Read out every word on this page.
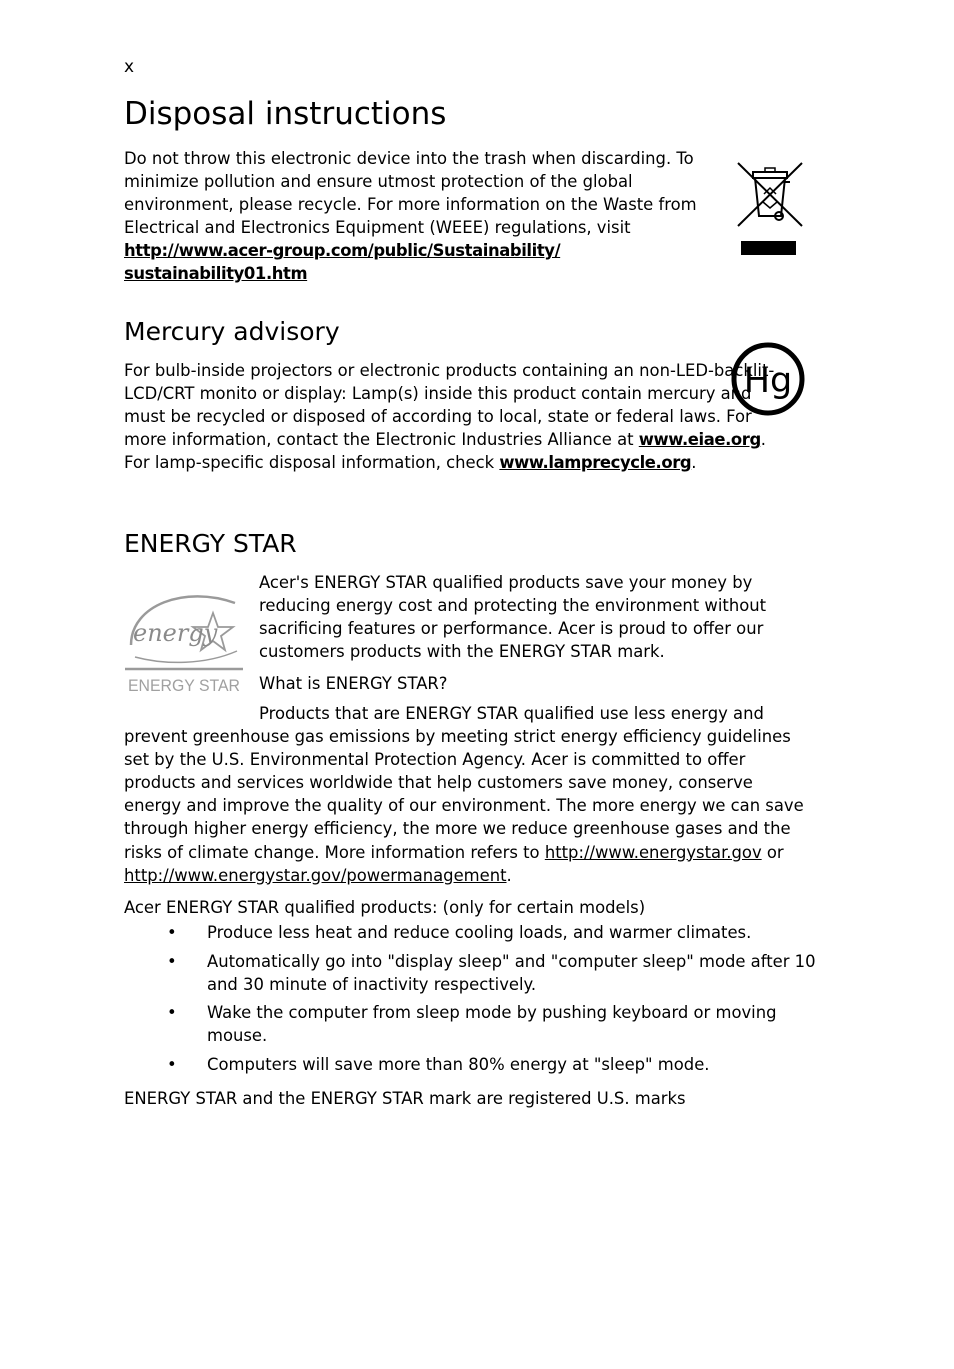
x
Disposal instructions

Do not throw this electronic device into the trash when discarding. To minimize pollution and ensure utmost protection of the global environment, please recycle. For more information on the Waste from Electrical and Electronics Equipment (WEEE) regulations, visit
http://www.acer-group.com/public/Sustainability/
sustainability01.htm

Mercury advisory
Hg

For bulb-inside projectors or electronic products containing an non-LED-backlit-LCD/CRT monito or display: Lamp(s) inside this product contain mercury and must be recycled or disposed of according to local, state or federal laws. For more information, contact the Electronic Industries Alliance at www.eiae.org. For lamp-specific disposal information, check www.lamprecycle.org.

ENERGY STAR
energy
ENERGY STAR

Acer's ENERGY STAR qualified products save your money by reducing energy cost and protecting the environment without sacrificing features or performance. Acer is proud to offer our customers products with the ENERGY STAR mark.

What is ENERGY STAR?

Products that are ENERGY STAR qualified use less energy and prevent greenhouse gas emissions by meeting strict energy efficiency guidelines set by the U.S. Environmental Protection Agency. Acer is committed to offer products and services worldwide that help customers save money, conserve energy and improve the quality of our environment. The more energy we can save through higher energy efficiency, the more we reduce greenhouse gases and the risks of climate change. More information refers to http://www.energystar.gov or http://www.energystar.gov/powermanagement.

Acer ENERGY STAR qualified products: (only for certain models)

• Produce less heat and reduce cooling loads, and warmer climates.
• Automatically go into "display sleep" and "computer sleep" mode after 10 and 30 minute of inactivity respectively.
• Wake the computer from sleep mode by pushing keyboard or moving mouse.
• Computers will save more than 80% energy at "sleep" mode.

ENERGY STAR and the ENERGY STAR mark are registered U.S. marks
